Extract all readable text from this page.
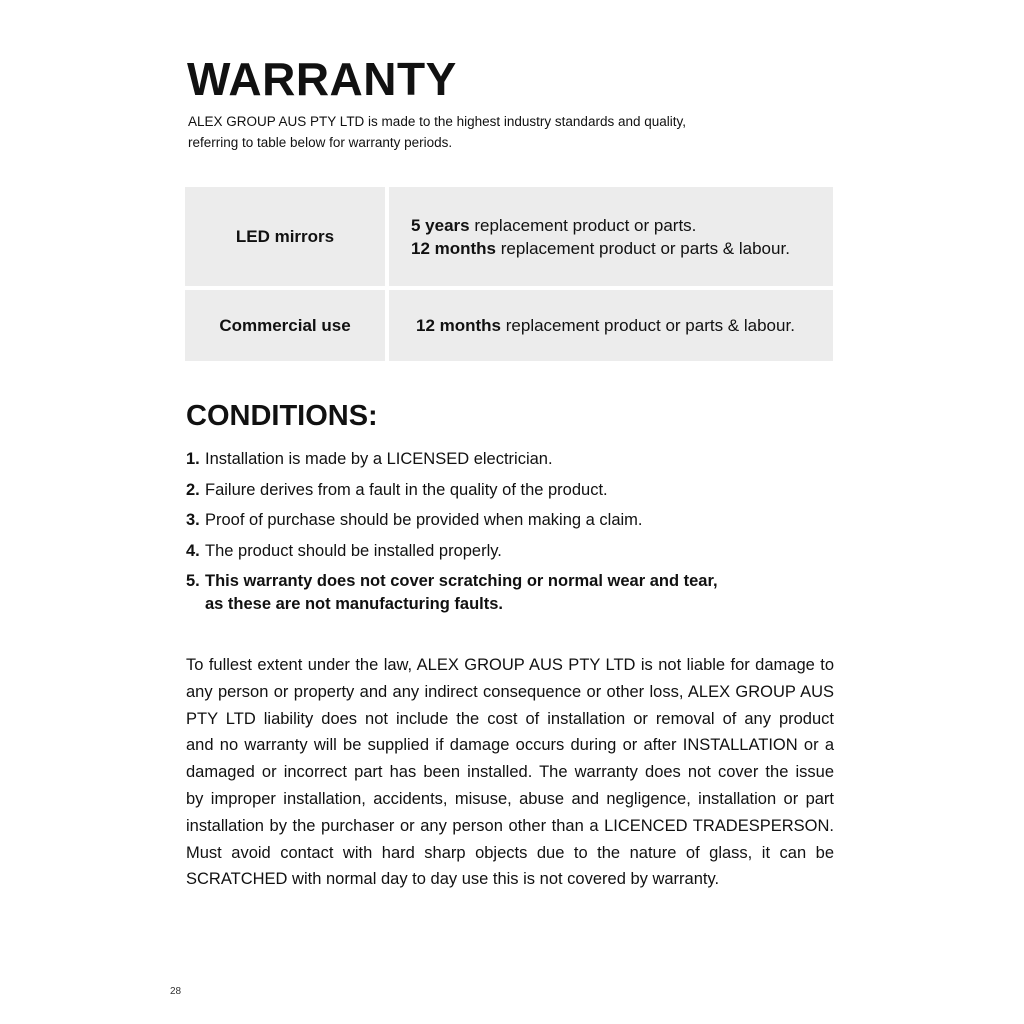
WARRANTY

ALEX GROUP AUS PTY LTD is made to the highest industry standards and quality,
referring to table below for warranty periods.

LED mirrors
5 years replacement product or parts.
12 months replacement product or parts & labour.
Commercial use	12 months replacement product or parts & labour.
CONDITIONS:
1. Installation is made by a LICENSED electrician.
2. Failure derives from a fault in the quality of the product.
3. Proof of purchase should be provided when making a claim.
4. The product should be installed properly.
5. This warranty does not cover scratching or normal wear and tear,
as these are not manufacturing faults.

To fullest extent under the law, ALEX GROUP AUS PTY LTD is not liable for damage to
any person or property and any indirect consequence or other loss, ALEX GROUP AUS
PTY LTD liability does not include the cost of installation or removal of any product
and no warranty will be supplied if damage occurs during or after INSTALLATION or a
damaged or incorrect part has been installed. The warranty does not cover the issue
by improper installation, accidents, misuse, abuse and negligence, installation or part
installation by the purchaser or any person other than a LICENCED TRADESPERSON.
Must avoid contact with hard sharp objects due to the nature of glass, it can be
SCRATCHED with normal day to day use this is not covered by warranty.

28
